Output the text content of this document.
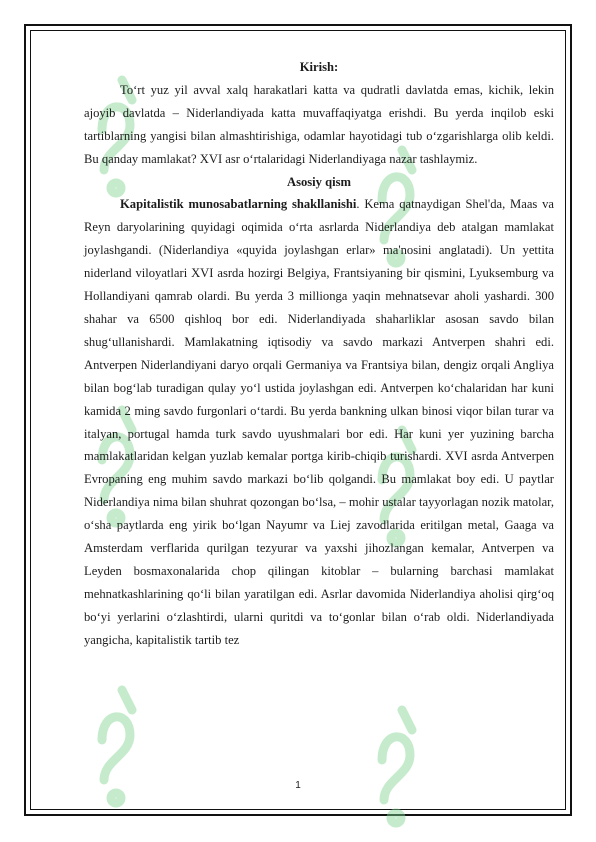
Kirish:

To‘rt yuz yil avval xalq harakatlari katta va qudratli davlatda emas, kichik, lekin ajoyib davlatda – Niderlandiyada katta muvaffaqiyatga erishdi. Bu yerda inqilob eski tartiblarning yangisi bilan almashtirishiga, odamlar hayotidagi tub o‘zgarishlarga olib keldi. Bu qanday mamlakat? XVI asr o‘rtalaridagi Niderlandiyaga nazar tashlaymiz.

Asosiy qism

Kapitalistik munosabatlarning shakllanishi. Kema qatnaydigan Shel'da, Maas va Reyn daryolarining quyidagi oqimida o‘rta asrlarda Niderlandiya deb atalgan mamlakat joylashgandi. (Niderlandiya «quyida joylashgan erlar» ma'nosini anglatadi). Un yettita niderland viloyatlari XVI asrda hozirgi Belgiya, Frantsiyaning bir qismini, Lyuksemburg va Hollandiyani qamrab olardi. Bu yerda 3 millionga yaqin mehnatsevar aholi yashardi. 300 shahar va 6500 qishloq bor edi. Niderlandiyada shaharliklar asosan savdo bilan shug‘ullanishardi. Mamlakatning iqtisodiy va savdo markazi Antverpen shahri edi. Antverpen Niderlandiyani daryo orqali Germaniya va Frantsiya bilan, dengiz orqali Angliya bilan bog‘lab turadigan qulay yo‘l ustida joylashgan edi. Antverpen ko‘chalaridan har kuni kamida 2 ming savdo furgonlari o‘tardi. Bu yerda bankning ulkan binosi viqor bilan turar va italyan, portugal hamda turk savdo uyushmalari bor edi. Har kuni yer yuzining barcha mamlakatlaridan kelgan yuzlab kemalar portga kirib-chiqib turishardi. XVI asrda Antverpen Evropaning eng muhim savdo markazi bo‘lib qolgandi. Bu mamlakat boy edi. U paytlar Niderlandiya nima bilan shuhrat qozongan bo‘lsa, – mohir ustalar tayyorlagan nozik matolar, o‘sha paytlarda eng yirik bo‘lgan Nayumr va Liej zavodlarida eritilgan metal, Gaaga va Amsterdam verflarida qurilgan tezyurar va yaxshi jihozlangan kemalar, Antverpen va Leyden bosmaxonalarida chop qilingan kitoblar – bularning barchasi mamlakat mehnatkashlarining qo‘li bilan yaratilgan edi. Asrlar davomida Niderlandiya aholisi qirg‘oq bo‘yi yerlarini o‘zlashtirdi, ularni quritdi va to‘gonlar bilan o‘rab oldi. Niderlandiyada yangicha, kapitalistik tartib tez

1
